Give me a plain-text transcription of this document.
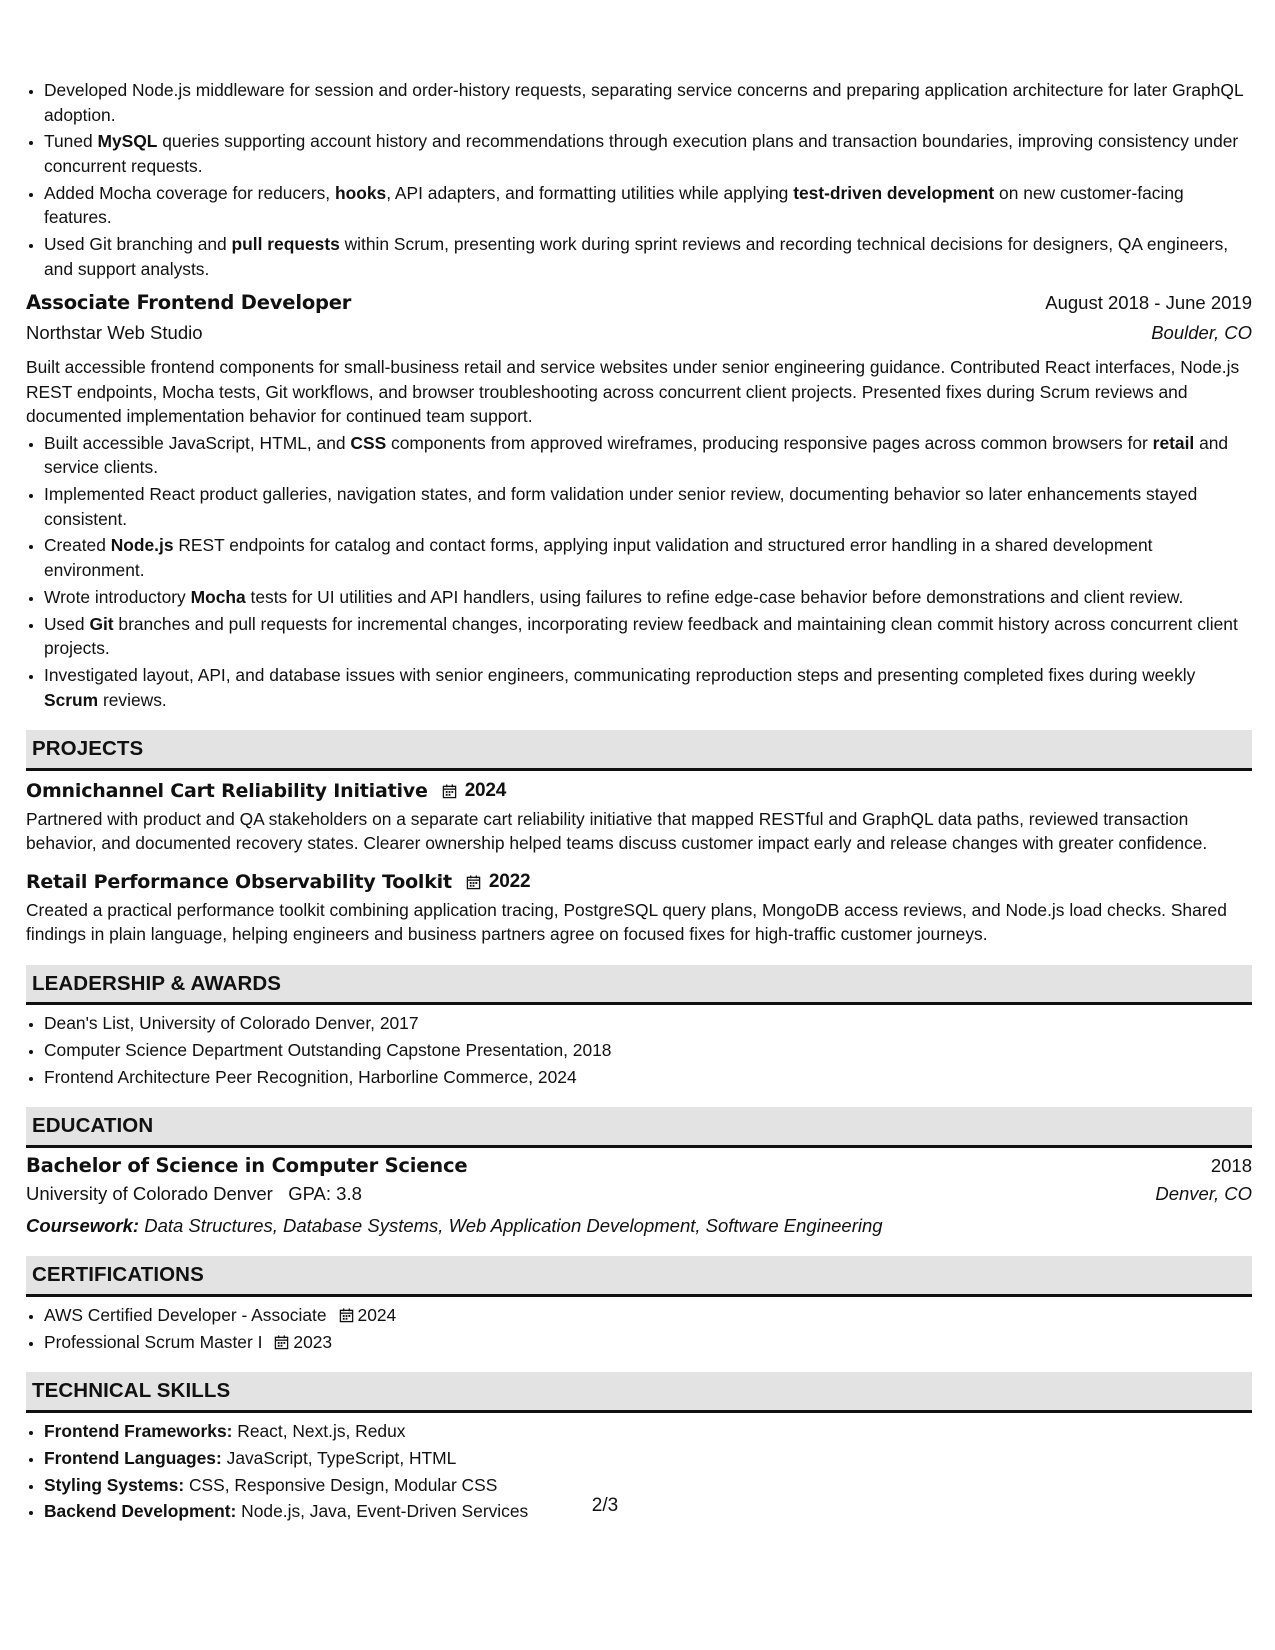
• Developed Node.js middleware for session and order-history requests, separating service concerns and preparing application architecture for later GraphQL adoption.
• Tuned MySQL queries supporting account history and recommendations through execution plans and transaction boundaries, improving consistency under concurrent requests.
• Added Mocha coverage for reducers, hooks, API adapters, and formatting utilities while applying test-driven development on new customer-facing features.
• Used Git branching and pull requests within Scrum, presenting work during sprint reviews and recording technical decisions for designers, QA engineers, and support analysts.
Associate Frontend Developer	August 2018 - June 2019
Northstar Web Studio	Boulder, CO
Built accessible frontend components for small-business retail and service websites under senior engineering guidance. Contributed React interfaces, Node.js REST endpoints, Mocha tests, Git workflows, and browser troubleshooting across concurrent client projects. Presented fixes during Scrum reviews and documented implementation behavior for continued team support.
• Built accessible JavaScript, HTML, and CSS components from approved wireframes, producing responsive pages across common browsers for retail and service clients.
• Implemented React product galleries, navigation states, and form validation under senior review, documenting behavior so later enhancements stayed consistent.
• Created Node.js REST endpoints for catalog and contact forms, applying input validation and structured error handling in a shared development environment.
• Wrote introductory Mocha tests for UI utilities and API handlers, using failures to refine edge-case behavior before demonstrations and client review.
• Used Git branches and pull requests for incremental changes, incorporating review feedback and maintaining clean commit history across concurrent client projects.
• Investigated layout, API, and database issues with senior engineers, communicating reproduction steps and presenting completed fixes during weekly Scrum reviews.
PROJECTS
Omnichannel Cart Reliability Initiative 2024
Partnered with product and QA stakeholders on a separate cart reliability initiative that mapped RESTful and GraphQL data paths, reviewed transaction behavior, and documented recovery states. Clearer ownership helped teams discuss customer impact early and release changes with greater confidence.
Retail Performance Observability Toolkit 2022
Created a practical performance toolkit combining application tracing, PostgreSQL query plans, MongoDB access reviews, and Node.js load checks. Shared findings in plain language, helping engineers and business partners agree on focused fixes for high-traffic customer journeys.
LEADERSHIP & AWARDS
• Dean's List, University of Colorado Denver, 2017
• Computer Science Department Outstanding Capstone Presentation, 2018
• Frontend Architecture Peer Recognition, Harborline Commerce, 2024
EDUCATION
Bachelor of Science in Computer Science	2018
University of Colorado Denver GPA: 3.8	Denver, CO
Coursework: Data Structures, Database Systems, Web Application Development, Software Engineering
CERTIFICATIONS
• AWS Certified Developer - Associate 2024
• Professional Scrum Master I 2023
TECHNICAL SKILLS
• Frontend Frameworks: React, Next.js, Redux
• Frontend Languages: JavaScript, TypeScript, HTML
• Styling Systems: CSS, Responsive Design, Modular CSS
• Backend Development: Node.js, Java, Event-Driven Services	2/3
